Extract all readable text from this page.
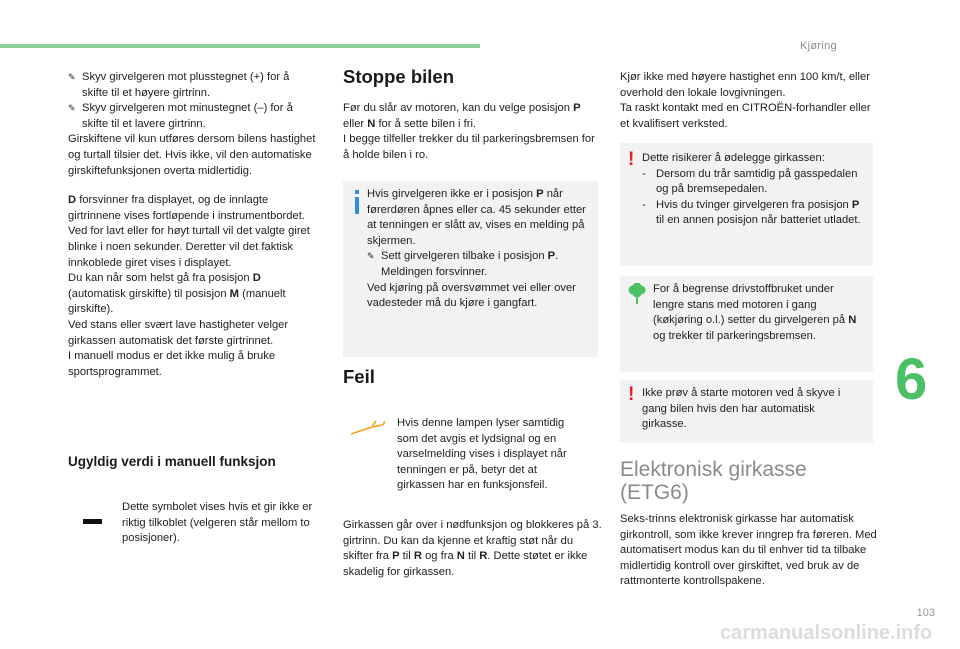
Kjøring
✎ Skyv girvelgeren mot plusstegnet (+) for å skifte til et høyere girtrinn.
✎ Skyv girvelgeren mot minustegnet (–) for å skifte til et lavere girtrinn.
Girskiftene vil kun utføres dersom bilens hastighet og turtall tilsier det. Hvis ikke, vil den automatiske girskiftefunksjonen overta midlertidig.
D forsvinner fra displayet, og de innlagte girtrinnene vises fortløpende i instrumentbordet.
Ved for lavt eller for høyt turtall vil det valgte giret blinke i noen sekunder. Deretter vil det faktisk innkoblede giret vises i displayet.
Du kan når som helst gå fra posisjon D (automatisk girskifte) til posisjon M (manuelt girskifte).
Ved stans eller svært lave hastigheter velger girkassen automatisk det første girtrinnet.
I manuell modus er det ikke mulig å bruke sportsprogrammet.
Ugyldig verdi i manuell funksjon
Dette symbolet vises hvis et gir ikke er riktig tilkoblet (velgeren står mellom to posisjoner).
Stoppe bilen
Før du slår av motoren, kan du velge posisjon P eller N for å sette bilen i fri.
I begge tilfeller trekker du til parkeringsbremsen for å holde bilen i ro.
Hvis girvelgeren ikke er i posisjon P når førerdøren åpnes eller ca. 45 sekunder etter at tenningen er slått av, vises en melding på skjermen.
✎ Sett girvelgeren tilbake i posisjon P. Meldingen forsvinner.
Ved kjøring på oversvømmet vei eller over vadesteder må du kjøre i gangfart.
Feil
Hvis denne lampen lyser samtidig som det avgis et lydsignal og en varselmelding vises i displayet når tenningen er på, betyr det at girkassen har en funksjonsfeil.
Girkassen går over i nødfunksjon og blokkeres på 3. girtrinn. Du kan da kjenne et kraftig støt når du skifter fra P til R og fra N til R. Dette støtet er ikke skadelig for girkassen.
Kjør ikke med høyere hastighet enn 100 km/t, eller overhold den lokale lovgivningen.
Ta raskt kontakt med en CITROËN-forhandler eller et kvalifisert verksted.
! Dette risikerer å ødelegge girkassen:
- Dersom du trår samtidig på gasspedalen og på bremsepedalen.
- Hvis du tvinger girvelgeren fra posisjon P til en annen posisjon når batteriet utladet.
For å begrense drivstoffbruket under lengre stans med motoren i gang (køkjøring o.l.) setter du girvelgeren på N og trekker til parkeringsbremsen.
! Ikke prøv å starte motoren ved å skyve i gang bilen hvis den har automatisk girkasse.
Elektronisk girkasse
(ETG6)
Seks-trinns elektronisk girkasse har automatisk girkontroll, som ikke krever inngrep fra føreren. Med automatisert modus kan du til enhver tid ta tilbake midlertidig kontroll over girskiftet, ved bruk av de rattmonterte kontrollspakene.
6
103
carmanualsonline.info
